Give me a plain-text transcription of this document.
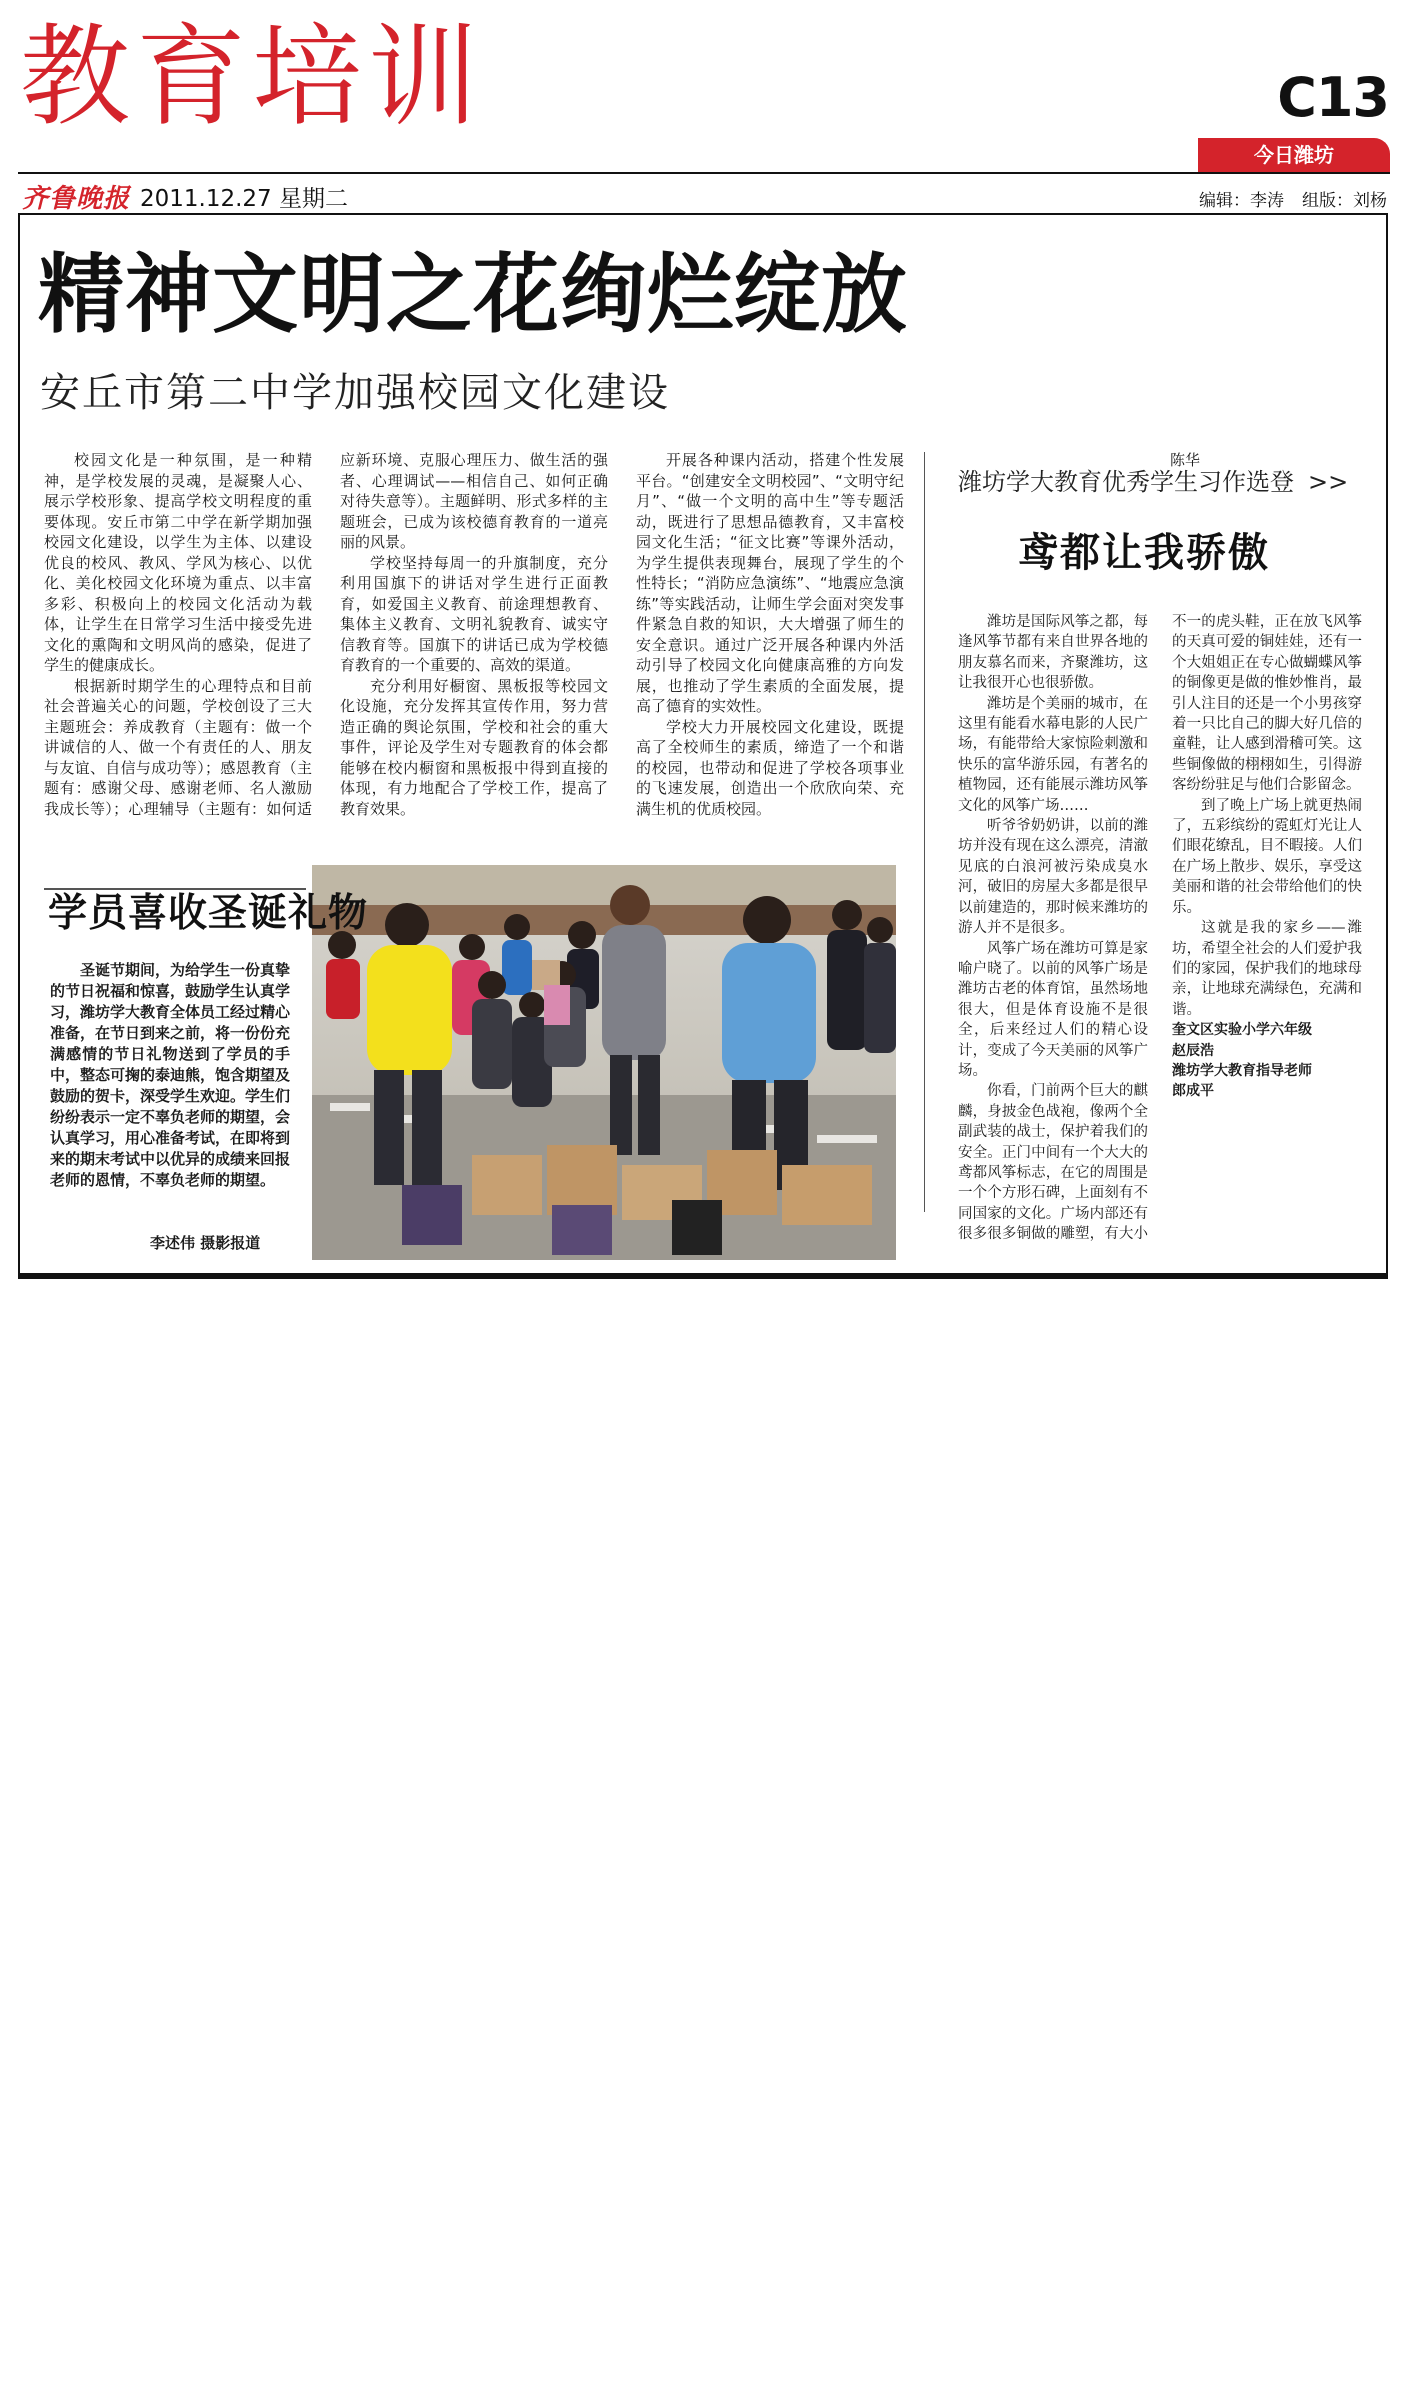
教育培训	C13
今日潍坊
齐鲁晚报 2011.12.27 星期二	编辑：李涛 组版：刘杨
精神文明之花绚烂绽放
安丘市第二中学加强校园文化建设

校园文化是一种氛围，是一种精神，是学校发展的灵魂，是凝聚人心、展示学校形象、提高学校文明程度的重要体现。安丘市第二中学在新学期加强校园文化建设，以学生为主体、以建设优良的校风、教风、学风为核心、以优化、美化校园文化环境为重点、以丰富多彩、积极向上的校园文化活动为载体，让学生在日常学习生活中接受先进文化的熏陶和文明风尚的感染，促进了学生的健康成长。

根据新时期学生的心理特点和目前社会普遍关心的问题，学校创设了三大主题班会：养成教育（主题有：做一个讲诚信的人、做一个有责任的人、朋友与友谊、自信与成功等）；感恩教育（主题有：感谢父母、感谢老师、名人激励我成长等）；心理辅导（主题有：如何适应新环境、克服心理压力、做生活的强者、心理调试——相信自己、如何正确对待失意等）。主题鲜明、形式多样的主题班会，已成为该校德育教育的一道亮丽的风景。

学校坚持每周一的升旗制度，充分利用国旗下的讲话对学生进行正面教育，如爱国主义教育、前途理想教育、集体主义教育、文明礼貌教育、诚实守信教育等。国旗下的讲话已成为学校德育教育的一个重要的、高效的渠道。

充分利用好橱窗、黑板报等校园文化设施，充分发挥其宣传作用，努力营造正确的舆论氛围，学校和社会的重大事件，评论及学生对专题教育的体会都能够在校内橱窗和黑板报中得到直接的体现，有力地配合了学校工作，提高了教育效果。

开展各种课内活动，搭建个性发展平台。“创建安全文明校园”、“文明守纪月”、“做一个文明的高中生”等专题活动，既进行了思想品德教育，又丰富校园文化生活；“征文比赛”等课外活动，为学生提供表现舞台，展现了学生的个性特长；“消防应急演练”、“地震应急演练”等实践活动，让师生学会面对突发事件紧急自救的知识，大大增强了师生的安全意识。通过广泛开展各种课内外活动引导了校园文化向健康高雅的方向发展，也推动了学生素质的全面发展，提高了德育的实效性。

学校大力开展校园文化建设，既提高了全校师生的素质，缔造了一个和谐的校园，也带动和促进了学校各项事业的飞速发展，创造出一个欣欣向荣、充满生机的优质校园。

陈华

学员喜收圣诞礼物

圣诞节期间，为给学生一份真挚的节日祝福和惊喜，鼓励学生认真学习，潍坊学大教育全体员工经过精心准备，在节日到来之前，将一份份充满感情的节日礼物送到了学员的手中，整态可掬的泰迪熊，饱含期望及鼓励的贺卡，深受学生欢迎。学生们纷纷表示一定不辜负老师的期望，会认真学习，用心准备考试，在即将到来的期末考试中以优异的成绩来回报老师的恩情，不辜负老师的期望。

李述伟 摄影报道
潍坊学大教育优秀学生习作选登 >>
鸢都让我骄傲

潍坊是国际风筝之都，每逢风筝节都有来自世界各地的朋友慕名而来，齐聚潍坊，这让我很开心也很骄傲。

潍坊是个美丽的城市，在这里有能看水幕电影的人民广场，有能带给大家惊险刺激和快乐的富华游乐园，有著名的植物园，还有能展示潍坊风筝文化的风筝广场……

听爷爷奶奶讲，以前的潍坊并没有现在这么漂亮，清澈见底的白浪河被污染成臭水河，破旧的房屋大多都是很早以前建造的，那时候来潍坊的游人并不是很多。

风筝广场在潍坊可算是家喻户晓了。以前的风筝广场是潍坊古老的体育馆，虽然场地很大，但是体育设施不是很全，后来经过人们的精心设计，变成了今天美丽的风筝广场。

你看，门前两个巨大的麒麟，身披金色战袍，像两个全副武装的战士，保护着我们的安全。正门中间有一个大大的鸢都风筝标志，在它的周围是一个个方形石碑，上面刻有不同国家的文化。广场内部还有很多很多铜做的雕塑，有大小不一的虎头鞋，正在放飞风筝的天真可爱的铜娃娃，还有一个大姐姐正在专心做蝴蝶风筝的铜像更是做的惟妙惟肖，最引人注目的还是一个小男孩穿着一只比自己的脚大好几倍的童鞋，让人感到滑稽可笑。这些铜像做的栩栩如生，引得游客纷纷驻足与他们合影留念。

到了晚上广场上就更热闹了，五彩缤纷的霓虹灯光让人们眼花缭乱，目不暇接。人们在广场上散步、娱乐，享受这美丽和谐的社会带给他们的快乐。

这就是我的家乡——潍坊，希望全社会的人们爱护我们的家园，保护我们的地球母亲，让地球充满绿色，充满和谐。

奎文区实验小学六年级

赵辰浩

潍坊学大教育指导老师

郎成平
